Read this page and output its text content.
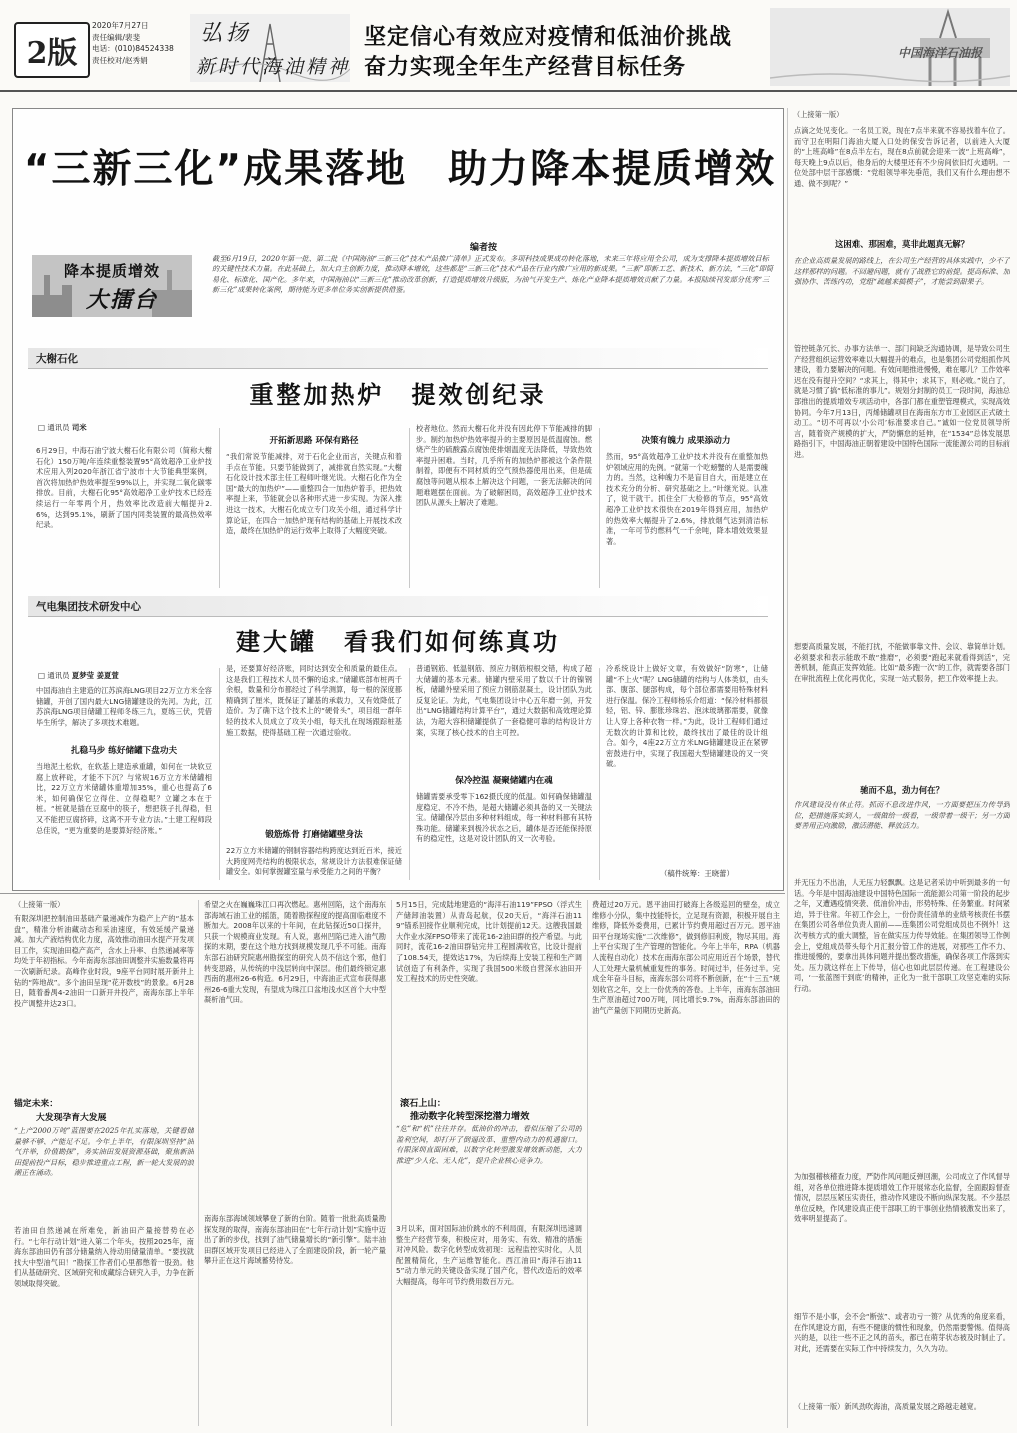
2版
2020年7月27日
责任编辑/裴斐
电话：(010)84524338
责任校对/赵秀娟
弘扬
新时代海油精神
坚定信心有效应对疫情和低油价挑战
奋力实现全年生产经营目标任务
中国海洋石油报
“三新三化”成果落地　助力降本提质增效
降本提质增效
大擂台
编者按
截至6月19日，2020年第一批、第二批《中国海油“三新三化”技术产品推广清单》正式发布。多项科技成果成功转化落地，未来三年将应用全公司，成为支撑降本提质增效目标的关键性技术力量。在此基础上，加大自主创新力度，推动降本增效，这些都是“三新三化”技术产品在行业内推广应用的新成果。“三新”即新工艺、新技术、新方法，“三化”即简易化、标准化、国产化。多年来，中国海油以“三新三化”推动改革创新，打造提质增效升级版，为油气开发生产、炼化产业降本提质增效贡献了力量。本报陆续刊发部分优秀“三新三化”成果转化案例，期待能为更多单位务实创新提供借鉴。
大榭石化
重整加热炉　提效创纪录
□ 通讯员 司米
6月29日，中海石油宁波大榭石化有限公司（简称大榭石化）150万吨/年连续重整装置95°高效超净工业炉技术应用入列2020年浙江省宁波市十大节能典型案例，首次将加热炉热效率提至99%以上，并实现二氧化碳零排放。目前，大榭石化95°高效超净工业炉技术已经连续运行一年零两个月，热效率比改造前大幅提升2.6%，达到95.1%，刷新了国内同类装置的最高热效率纪录。
开拓新思路 环保有路径
“我们常说节能减排，对于石化企业而言，关键点和着手点在节能。只要节能做到了，减排就自然实现。”大榭石化设计技术部主任工程师叶继光说。大榭石化作为全国“最大的加热炉”——重整四合一加热炉着手，把热效率提上来，节能就会以各种形式进一步实现。为深入推进这一技术，大榭石化成立专门攻关小组，通过科学计算论证，在四合一加热炉现有结构的基础上开展技术改造，最终在加热炉的运行效率上取得了大幅度突破。
校者地位。然而大榭石化并没有因此停下节能减排的脚步。制约加热炉热效率提升的主要原因是低温腐蚀。燃烧产生的硫酸露点腐蚀使排烟温度无法降低，导致热效率提升困难。当时，几乎所有的加热炉都被这个条件限制着，即便有不同材质的空气预热器使用出来，但是硫腐蚀等问题从根本上解决这个问题，一套无法解决的问题难题摆在面前。为了破解困局，高效超净工业炉技术团队从源头上解决了难题。
决策有魄力 成果添动力
然而，95°高效超净工业炉技术并没有在重整加热炉领域应用的先例。“就第一个吃螃蟹的人是需要魄力的。当然，这种魄力不是盲目自大，而是建立在技术充分的分析、研究基础之上。”叶继光说。认准了，说干就干。抓住全厂大检修的节点，95°高效超净工业炉技术很快在2019年得到应用，加热炉的热效率大幅提升了2.6%，排放烟气达到清洁标准，一年可节约燃料气一千余吨，降本增效效果显著。
气电集团技术研发中心
建大罐　看我们如何练真功
□ 通讯员 夏梦莹 姜夏萱
中国海油自主建造的江苏滨海LNG项目22万立方米全容储罐，开创了国内最大LNG储罐建设的先河。为此，江苏滨海LNG项目储罐工程师冬练三九，夏练三伏，凭借毕生所学，解决了多项技术难题。
扎稳马步 练好储罐下盘功夫
当地泥土松软，在软基上建造承重罐，如何在一块软豆腐上放秤砣，才能不下沉？与常规16万立方米储罐相比，22万立方米储罐体重增加35%，重心也提高了6米，如何确保它立得住、立得稳呢？立罐之本在于桩。“桩就是插在豆腐中的筷子，想把筷子扎得稳，但又不能把豆腐挤碎，这离不开专业方法。”土建工程师段总佳说，“更为重要的是要算好经济账。”
是，还要算好经济账，同时达到安全和质量的最佳点。这是我们工程技术人员不懈的追求。”储罐底部布桩两千余根，数量和分布都经过了科学测算，每一根的深度都精确到了厘米，既保证了罐基的承载力，又有效降低了造价。为了确下这个技术上的“硬骨头”，项目组一群年轻的技术人员成立了攻关小组，每天扎在现场跟踪桩基施工数据，使得基础工程一次通过验收。
锻筋炼骨 打磨储罐壁身法
22万立方米储罐的钢制容器结构跨度达到近百米，接近大跨度网壳结构的极限状态，常规设计方法很难保证储罐安全。如何掌握罐室量与承受能力之间的平衡？
普通钢筋、低温钢筋、预应力钢筋根根交错，构成了超大储罐的基本元素。储罐内壁采用了数以千计的镍钢板，储罐外壁采用了预应力钢筋混凝土，设计团队为此反复论证。为此，气电集团设计中心五年磨一剑，开发出“LNG储罐结构计算平台”，通过大数据和高效理论算法，为超大容积储罐提供了一套稳健可靠的结构设计方案，实现了核心技术的自主可控。
保冷控温 凝聚储罐内在魂
储罐需要承受零下162摄氏度的低温。如何确保储罐温度稳定、不冷不热，是超大储罐必须具备的又一关键法宝。储罐保冷层由多种材料组成，每一种材料都有其特殊功能。储罐来到极冷状态之后，罐体是否还能保持原有的稳定性，这是对设计团队的又一次考验。
冷系统设计上做好文章，有效做好“防寒”，让储罐“不上火”呢？LNG储罐的结构与人体类似，由头部、腹部、腿部构成，每个部位都需要用特殊材料进行保温。保冷工程师杨乐介绍道：“保冷材料都很轻，铝、锌、膨胀珍珠岩、泡沫玻璃都需要，就像让人穿上各种衣物一样。”为此，设计工程师们通过无数次的计算和比较，最终找出了最佳的设计组合。如今，4座22万立方米LNG储罐建设正在紧锣密鼓进行中，实现了我国超大型储罐建设的又一突破。
（稿件统筹：王晓蕾）
（上接第一版）
点滴之处见变化。一名员工说，现在7点半来就不容易找着车位了。而守卫在明阳门海油大厦入口处的保安告诉记者，以前进入大厦的“上班高峰”在8点半左右，现在8点前就会迎来一波“上班高峰”，每天晚上9点以后，他身后的大楼里还有不少房间依旧灯火通明。一位处部中层干部感慨：“党组领导率先垂范，我们又有什么理由想不通、做不到呢？”
这困难、那困难，莫非此题真无解？
在企业高质量发展的路线上，在公司生产经营的具体实践中，少不了这样那样的问题。不回避问题，就有了战胜它的前提。提高标准、加强协作、苦练内功，党组“疏越来搞模子”，才能尝到甜果子。
管控链条冗长、办事方法单一、部门间缺乏沟通协调，是导致公司生产经营组织运营效率难以大幅提升的难点，也是集团公司党组抓作风建设，着力要解决的问题。有效问题推进慢慢，难在哪儿？工作效率迟在没有提升空间？“求其上，得其中；求其下，则必败。”说白了，就是习惯了搞“低标准的事儿”。规划分封制的员工一段时间，海油总部推出的提质增效专项活动中，各部门都在重塑管理模式，实现高效协同。今年7月13日，丙烯储罐项目在海南东方市工业园区正式破土动工。“切不可再以‘小公司’标准要求自己。”诚如一位党员领导所言，随着资产规模的扩大，严防懈怠的延伸，在“1534”总体发展思路指引下，中国海油正朝着建设中国特色国际一流能源公司的目标前进。
想要高质量发展，不能打扰，不能做事靠文件、会议、靠简单计划。必须要求和表示能敢不敢“推磨”，必须要“跑起来就看得到活”，完善机制，能真正发挥效能。比如“最多跑一次”的工作，就需要各部门在审批流程上优化再优化，实现一站式服务，把工作效率提上去。
驰而不息，劲力何在？
作风建设没有休止符。抓而不息改进作风，一方面要把压力传导到位，把措施落实到人，一级做给一级看，一级带着一级干；另一方面要善用正向激励，激活潜能、释放活力。
并无压力不出油，人无压力轻飘飘。这是记者采访中听到最多的一句话。今年是中国海油建设中国特色国际一流能源公司第一阶段的起步之年，又遭遇疫情突袭、低油价冲击，形势特殊、任务繁重。时间紧迫，异于往常。年初工作会上，一份份责任清单的业绩考核责任书摆在集团公司各单位负责人面前——连集团公司党组成员也不例外！这次考核方式的重大调整，旨在做实压力传导效能。在集团领导工作例会上，党组成员带头每个月汇报分管工作的进展，对那些工作不力、推进缓慢的，要拿出具体问题并提出整改措施，确保各项工作落到实处。压力就这样在上下传导，信心也如此层层传递。在工程建设公司，‘一张蓝图干到底’的精神，正化为一批干部职工攻坚克难的实际行动。
为加强稽核稽查力度，严防作风问题反弹回潮，公司成立了作风督导组，对各单位推进降本提质增效工作开展常态化监督，全面跟踪督查情况，层层压紧压实责任，推动作风建设不断向纵深发展。不少基层单位反映，作风建设真正使干部职工的干事创业热情被激发出来了，效率明显提高了。
细节不是小事，会不会“断弦”、或者功亏一篑？从优秀的角度来看，在作风建设方面，有些不健康的惯性和现象，仍然需要警惕。值得高兴的是，以往一些不正之风的苗头，都已在萌芽状态被及时制止了。对此，还需要在实际工作中持续发力，久久为功。
（上接第一版）新风劲吹海油，高质量发展之路越走越宽。
（上接第一版）
有限深圳把控制油田基础产量递减作为稳产上产的“基本盘”，精准分析油藏动态和采油速度，有效延缓产量递减。加大产液结构优化力度，高效推动油田水提产开发项目工作，实现油田稳产高产，含水上升率、自然递减率等均处于年初指标。今年南海东部油田调整并实施数量将再一次刷新纪录。高峰作业时段，9座平台同时展开新井上钻的“阵地战”。多个油田呈现“花开数枝”的景象。6月28日，随着番禺4-2油田一口新开井投产，南海东部上半年投产调整井达23口。
锚定未来：
大发现孕育大发展
“上产2000万吨”蓝图要在2025年扎实落地，关键看储量够不够、产能足不足。今年上半年，有限深圳坚持“油气并举，价值勘探”，务实油田发展资源基础，聚焦新油田提前投产目标，稳步推进重点工程，新一轮大发展的浪潮正在涌动。
若油田自然递减在所难免，新油田产量接替势在必行。“七年行动计划”进入第二个年头，按照2025年，南海东部油田仍有部分储量纳入待动用储量清单。“要找就找大中型油气田！”勘探工作者们心里都憋着一股劲。他们从基础研究、区域研究和成藏综合研究入手，力争在新领域取得突破。
希望之火在巍巍珠江口再次燃起。惠州回陷，这个南海东部海域石油工业的摇篮，随着勘探程度的提高面临难度不断加大。2008年以来的十年间，在此钻探近50口探井，只获一个规模商业发现。有人说，惠州凹陷已进入油气勘探的末期，要在这个地方找到规模发现几乎不可能。南海东部石油研究院惠州勘探室的研究人员不信这个邪，他们转变思路，从传统的中浅层转向中深层。他们最终锁定惠西南的惠州26-6构造。6月29日，中海油正式宣布获得惠州26-6重大发现，有望成为珠江口盆地浅水区首个大中型凝析油气田。
南海东部海域领域攀登了新的台阶。随着一批批高质量勘探发现的取得，南海东部油田在“七年行动计划”实施中迈出了新的步伐，找到了油气储量增长的“新引擎”。陆丰油田群区域开发项目已经进入了全面建设阶段，新一轮产量攀升正在这片海域蓄势待发。
5月15日，完成陆地建造的“海洋石油119”FPSO（浮式生产储卸油装置）从青岛起航，仅20天后，“海洋石油119”锚系回接作业顺利完成，比计划提前12天。这艘我国最大作业水深FPSO带来了流花16-2油田群的投产希望。与此同时，流花16-2油田群钻完井工程圆满收官，比设计提前了108.54天，提效达17%，为后续海上安装工程和生产调试创造了有利条件，实现了我国500米级自营深水油田开发工程技术的历史性突破。
滚石上山：
推动数字化转型深挖潜力增效
“危”和“机”往往并存。低油价的冲击，看似压缩了公司的盈利空间，却打开了倒逼改革、重塑内动力的机遇窗口。有限深圳直面困难，以数字化转型激发增效新动能，大力推进“少人化、无人化”，提升企业核心竞争力。
3月以来，面对国际油价跳水的不利局面，有限深圳迅速调整生产经营节奏，积极应对，用务实、有效、精准的措施对冲风险。数字化转型成效初现：远程监控实时化，人员配置精简化，生产运维智能化。西江油田“海洋石油115”动力单元的关键设备实现了国产化，替代改造后的效率大幅提高，每年可节约费用数百万元。
费超过20万元。恩平油田打破海上各级巡回的壁垒，成立维修小分队，集中技能特长，立足现有资源，积极开展自主维修，降低外委费用，已累计节约费用超过百万元。恩平油田平台现场实施“二次维修”，做到修旧利废，物尽其用。海上平台实现了生产管理的智能化。今年上半年，RPA（机器人流程自动化）技术在南海东部公司应用近百个场景，替代人工处理大量机械重复性的事务。时间过半，任务过半。完成全年奋斗目标，南海东部公司将不断创新，在“十三五”规划收官之年，交上一份优秀的答卷。上半年，南海东部油田生产原油超过700万吨，同比增长9.7%，南海东部油田的油气产量创下同期历史新高。
